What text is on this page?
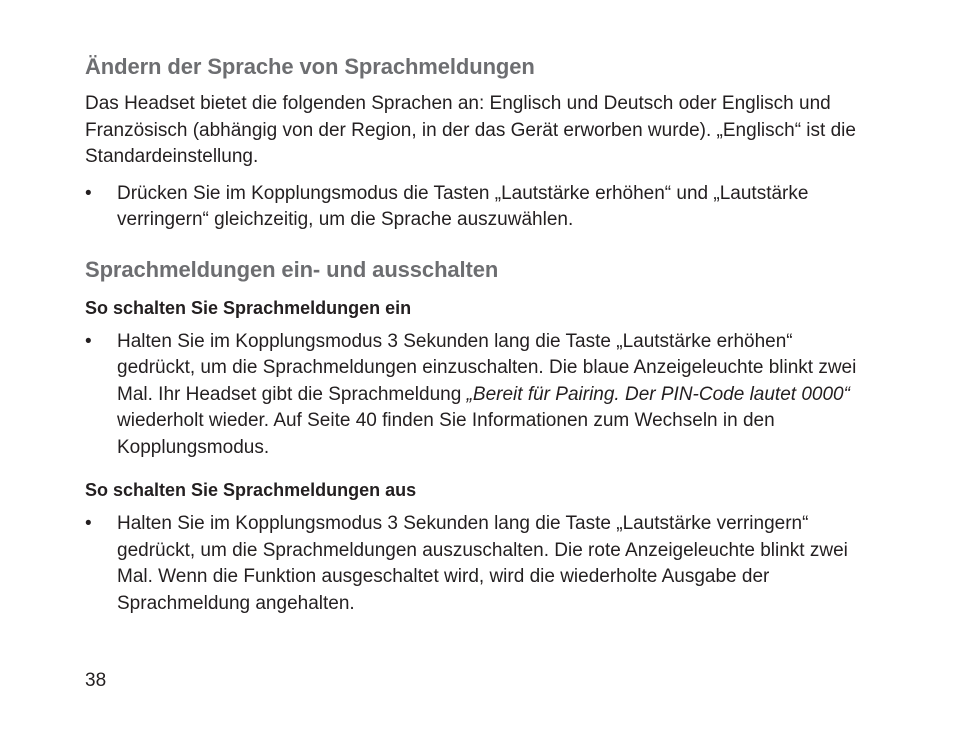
Ändern der Sprache von Sprachmeldungen

Das Headset bietet die folgenden Sprachen an: Englisch und Deutsch oder Englisch und Französisch (abhängig von der Region, in der das Gerät erworben wurde). „Englisch“ ist die Standardeinstellung.

• Drücken Sie im Kopplungsmodus die Tasten „Lautstärke erhöhen“ und „Lautstärke verringern“ gleichzeitig, um die Sprache auszuwählen.
Sprachmeldungen ein- und ausschalten
So schalten Sie Sprachmeldungen ein
• Halten Sie im Kopplungsmodus 3 Sekunden lang die Taste „Lautstärke erhöhen“ gedrückt, um die Sprachmeldungen einzuschalten. Die blaue Anzeigeleuchte blinkt zwei Mal. Ihr Headset gibt die Sprachmeldung „Bereit für Pairing. Der PIN-Code lautet 0000“ wiederholt wieder. Auf Seite 40 finden Sie Informationen zum Wechseln in den Kopplungsmodus.
So schalten Sie Sprachmeldungen aus
• Halten Sie im Kopplungsmodus 3 Sekunden lang die Taste „Lautstärke verringern“ gedrückt, um die Sprachmeldungen auszuschalten. Die rote Anzeigeleuchte blinkt zwei Mal. Wenn die Funktion ausgeschaltet wird, wird die wiederholte Ausgabe der Sprachmeldung angehalten.
38
